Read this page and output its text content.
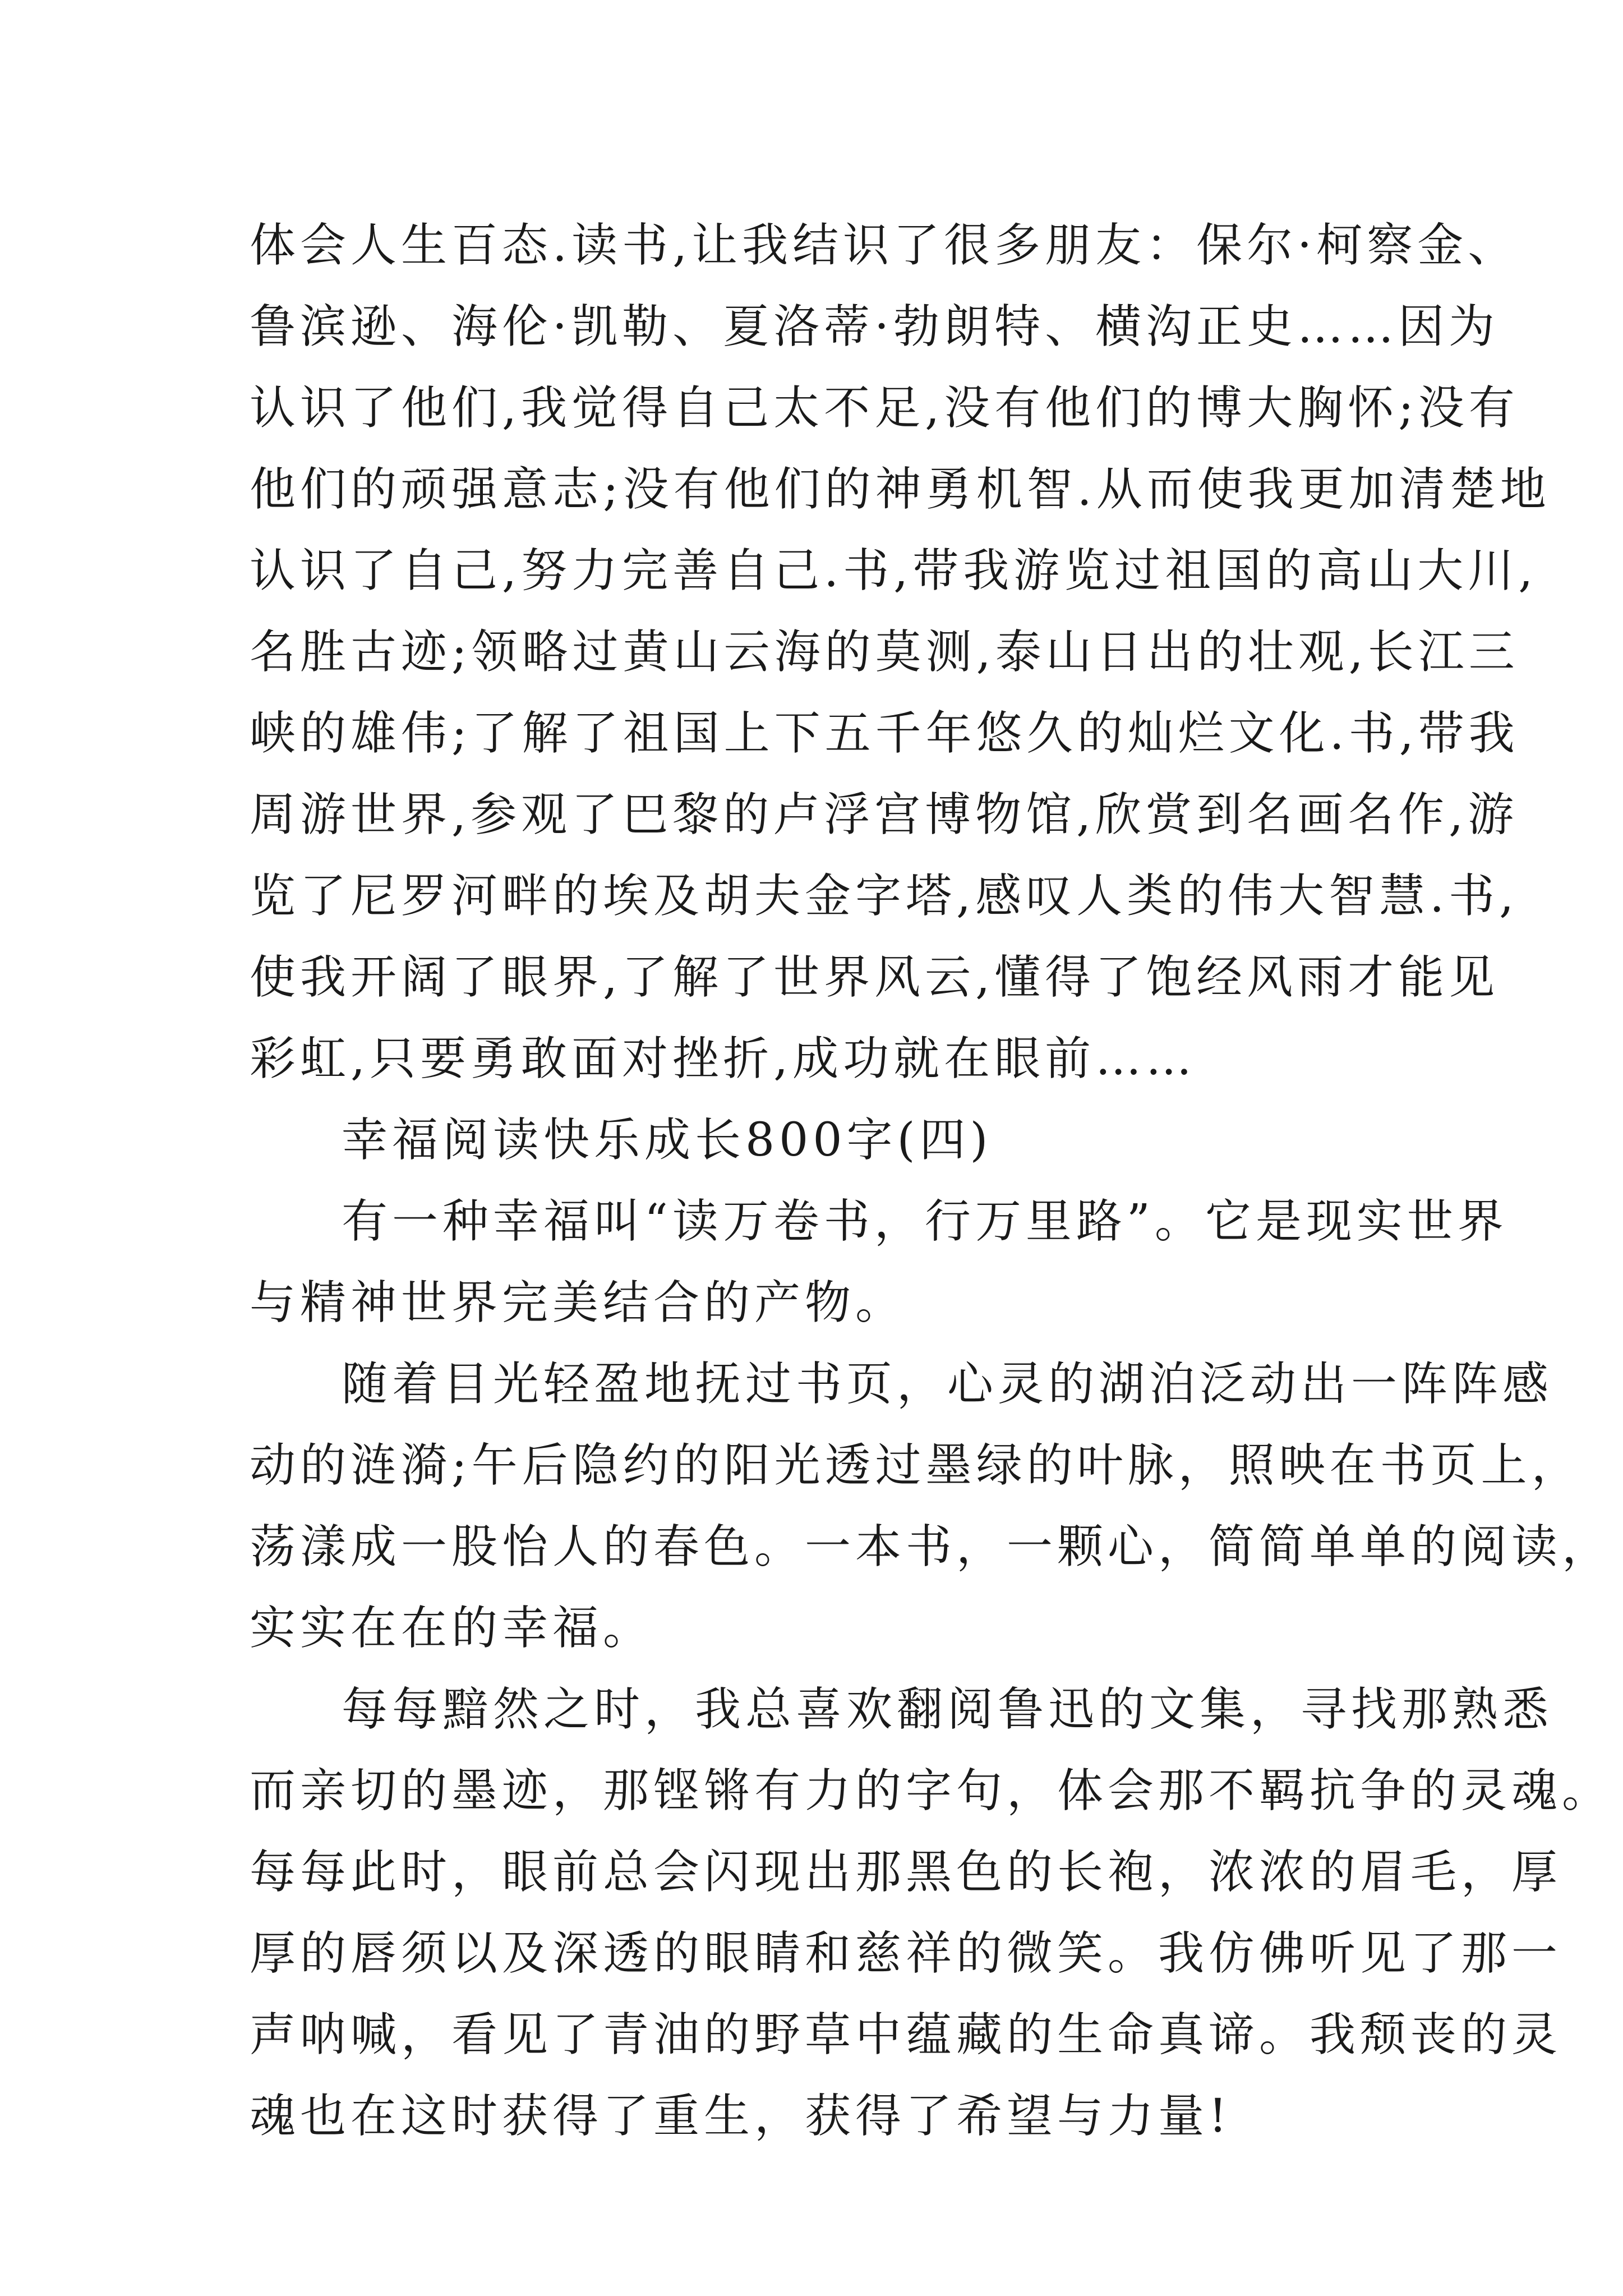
体会人生百态.读书,让我结识了很多朋友：保尔·柯察金、
鲁滨逊、海伦·凯勒、夏洛蒂·勃朗特、横沟正史……因为
认识了他们,我觉得自己太不足,没有他们的博大胸怀;没有
他们的顽强意志;没有他们的神勇机智.从而使我更加清楚地
认识了自己,努力完善自己.书,带我游览过祖国的高山大川,
名胜古迹;领略过黄山云海的莫测,泰山日出的壮观,长江三
峡的雄伟;了解了祖国上下五千年悠久的灿烂文化.书,带我
周游世界,参观了巴黎的卢浮宫博物馆,欣赏到名画名作,游
览了尼罗河畔的埃及胡夫金字塔,感叹人类的伟大智慧.书,
使我开阔了眼界,了解了世界风云,懂得了饱经风雨才能见
彩虹,只要勇敢面对挫折,成功就在眼前……
幸福阅读快乐成长800字(四)
有一种幸福叫“读万卷书，行万里路”。它是现实世界
与精神世界完美结合的产物。
随着目光轻盈地抚过书页，心灵的湖泊泛动出一阵阵感
动的涟漪;午后隐约的阳光透过墨绿的叶脉，照映在书页上，
荡漾成一股怡人的春色。一本书，一颗心，简简单单的阅读，
实实在在的幸福。
每每黯然之时，我总喜欢翻阅鲁迅的文集，寻找那熟悉
而亲切的墨迹，那铿锵有力的字句，体会那不羁抗争的灵魂。
每每此时，眼前总会闪现出那黑色的长袍，浓浓的眉毛，厚
厚的唇须以及深透的眼睛和慈祥的微笑。我仿佛听见了那一
声呐喊，看见了青油的野草中蕴藏的生命真谛。我颓丧的灵
魂也在这时获得了重生，获得了希望与力量!
